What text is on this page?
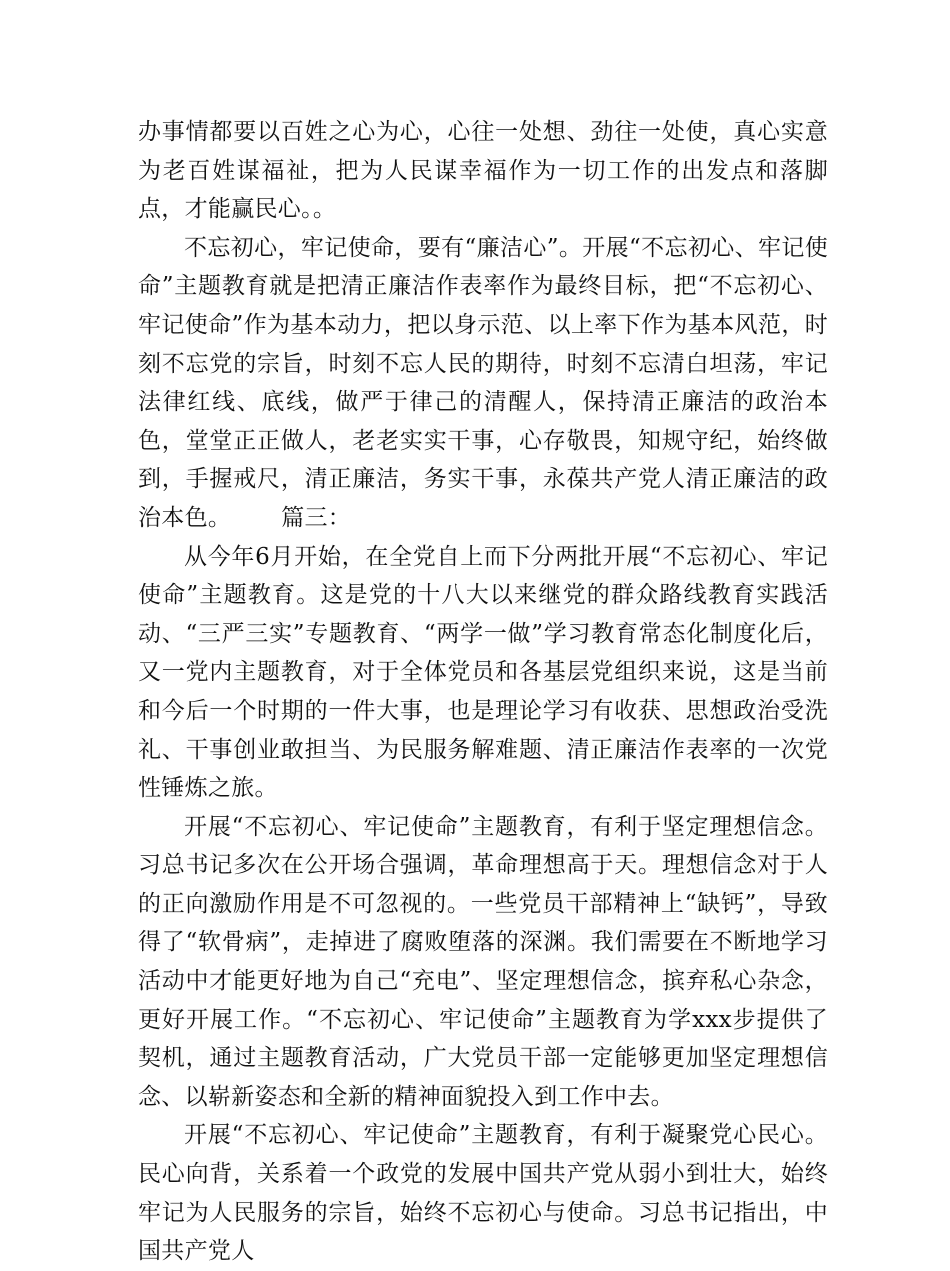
办事情都要以百姓之心为心，心往一处想、劲往一处使，真心实意为老百姓谋福祉，把为人民谋幸福作为一切工作的出发点和落脚点，才能赢民心。。

不忘初心，牢记使命，要有“廉洁心”。开展“不忘初心、牢记使命”主题教育就是把清正廉洁作表率作为最终目标，把“不忘初心、牢记使命”作为基本动力，把以身示范、以上率下作为基本风范，时刻不忘党的宗旨，时刻不忘人民的期待，时刻不忘清白坦荡，牢记法律红线、底线，做严于律己的清醒人，保持清正廉洁的政治本色，堂堂正正做人，老老实实干事，心存敬畏，知规守纪，始终做到，手握戒尺，清正廉洁，务实干事，永葆共产党人清正廉洁的政治本色。 篇三：

从今年6月开始，在全党自上而下分两批开展“不忘初心、牢记使命”主题教育。这是党的十八大以来继党的群众路线教育实践活动、“三严三实”专题教育、“两学一做”学习教育常态化制度化后，又一党内主题教育，对于全体党员和各基层党组织来说，这是当前和今后一个时期的一件大事，也是理论学习有收获、思想政治受洗礼、干事创业敢担当、为民服务解难题、清正廉洁作表率的一次党性锤炼之旅。

开展“不忘初心、牢记使命”主题教育，有利于坚定理想信念。习总书记多次在公开场合强调，革命理想高于天。理想信念对于人的正向激励作用是不可忽视的。一些党员干部精神上“缺钙”，导致得了“软骨病”，走掉进了腐败堕落的深渊。我们需要在不断地学习活动中才能更好地为自己“充电”、坚定理想信念，摈弃私心杂念，更好开展工作。“不忘初心、牢记使命”主题教育为学xxx步提供了契机，通过主题教育活动，广大党员干部一定能够更加坚定理想信念、以崭新姿态和全新的精神面貌投入到工作中去。

开展“不忘初心、牢记使命”主题教育，有利于凝聚党心民心。民心向背，关系着一个政党的发展中国共产党从弱小到壮大，始终牢记为人民服务的宗旨，始终不忘初心与使命。习总书记指出，中国共产党人
